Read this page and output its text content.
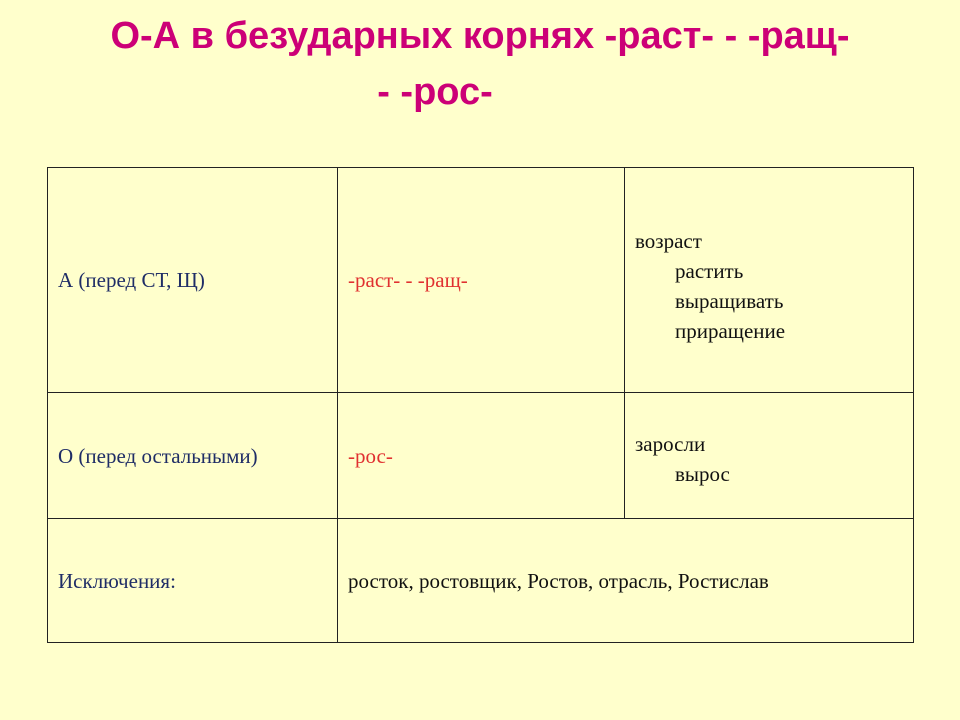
О-А в безударных корнях -раст- - -ращ-
- -рос-
А (перед СТ, Щ)	-раст- - -ращ-	возраст
растить
выращивать
приращение

О (перед остальными)	-рос-	заросли
вырос

Исключения:	росток, ростовщик, Ростов, отрасль, Ростислав	
